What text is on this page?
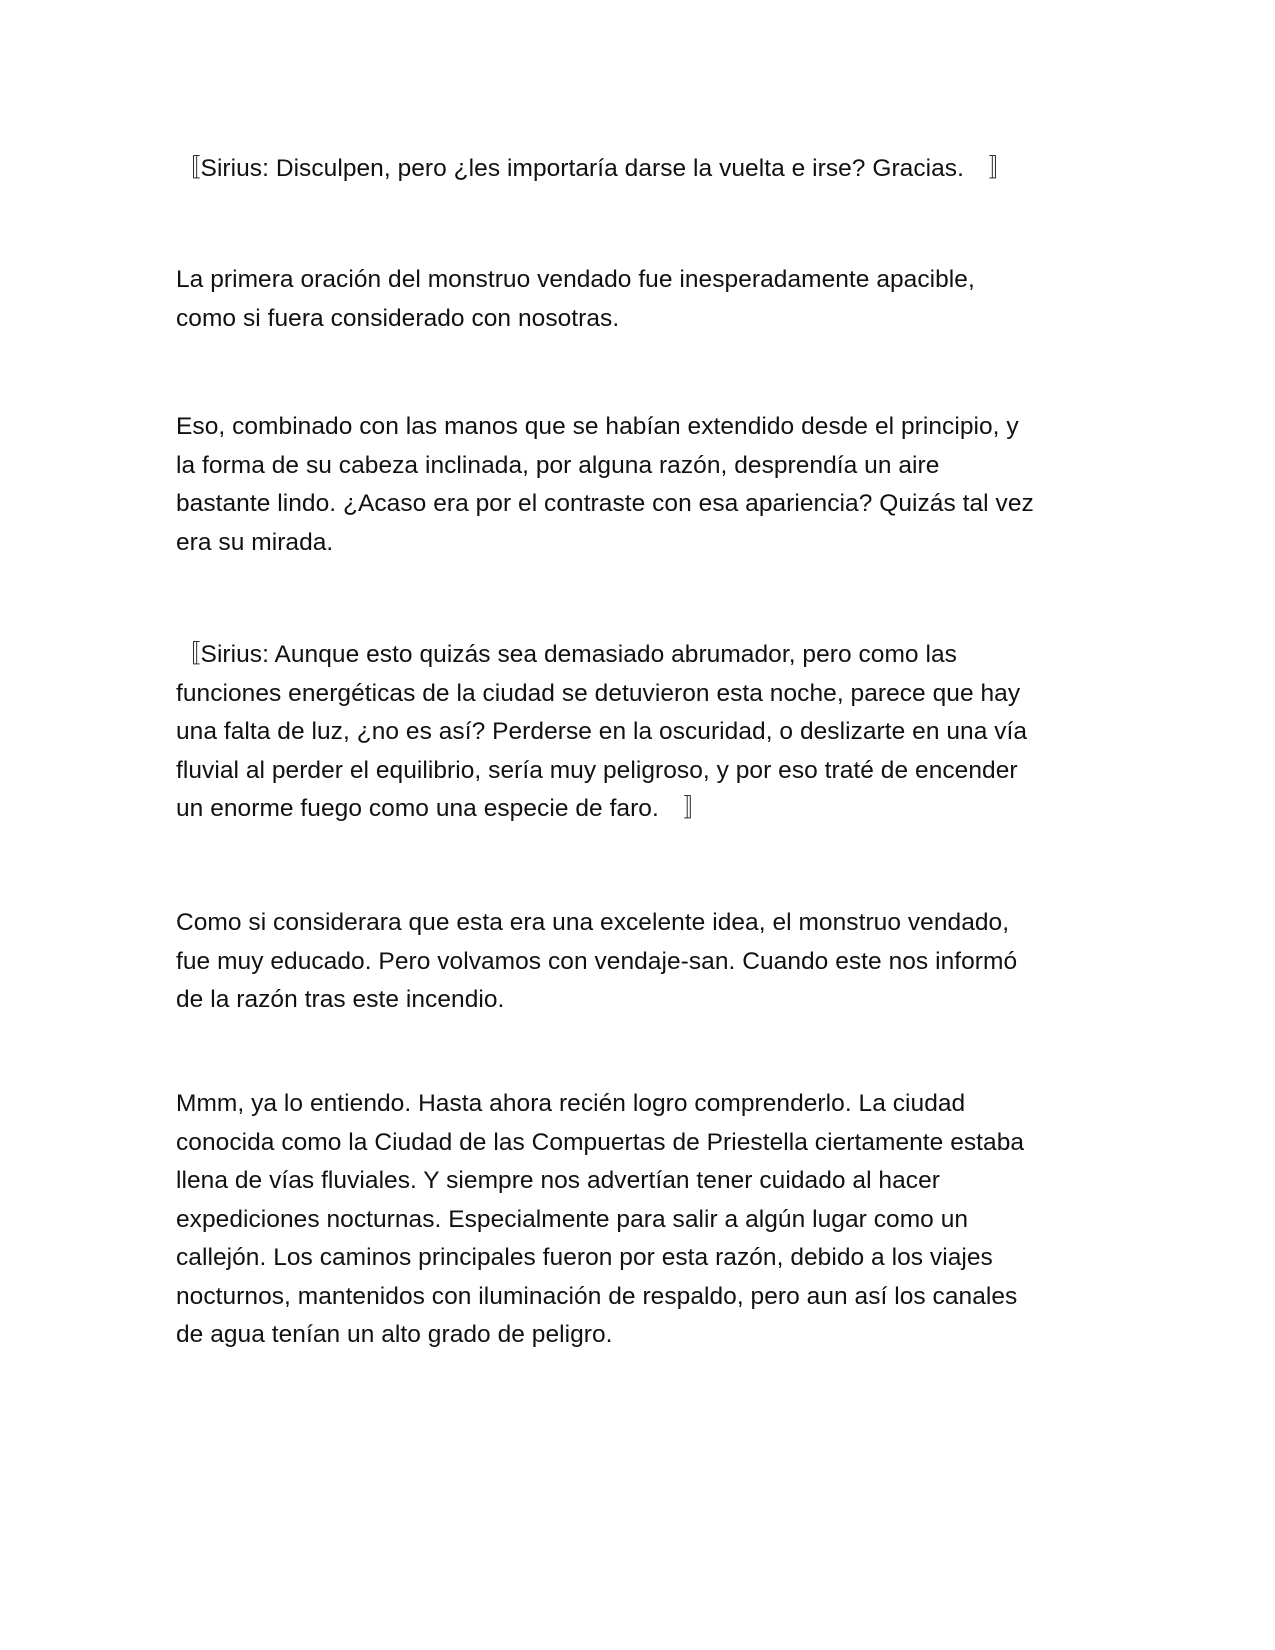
〚Sirius: Disculpen, pero ¿les importaría darse la vuelta e irse? Gracias.　〛

La primera oración del monstruo vendado fue inesperadamente apacible,
como si fuera considerado con nosotras.

Eso, combinado con las manos que se habían extendido desde el principio, y
la forma de su cabeza inclinada, por alguna razón, desprendía un aire
bastante lindo. ¿Acaso era por el contraste con esa apariencia? Quizás tal vez
era su mirada.

〚Sirius: Aunque esto quizás sea demasiado abrumador, pero como las
funciones energéticas de la ciudad se detuvieron esta noche, parece que hay
una falta de luz, ¿no es así? Perderse en la oscuridad, o deslizarte en una vía
fluvial al perder el equilibrio, sería muy peligroso, y por eso traté de encender
un enorme fuego como una especie de faro.　〛

Como si considerara que esta era una excelente idea, el monstruo vendado,
fue muy educado. Pero volvamos con vendaje-san. Cuando este nos informó
de la razón tras este incendio.

Mmm, ya lo entiendo. Hasta ahora recién logro comprenderlo. La ciudad
conocida como la Ciudad de las Compuertas de Priestella ciertamente estaba
llena de vías fluviales. Y siempre nos advertían tener cuidado al hacer
expediciones nocturnas. Especialmente para salir a algún lugar como un
callejón. Los caminos principales fueron por esta razón, debido a los viajes
nocturnos, mantenidos con iluminación de respaldo, pero aun así los canales
de agua tenían un alto grado de peligro.
